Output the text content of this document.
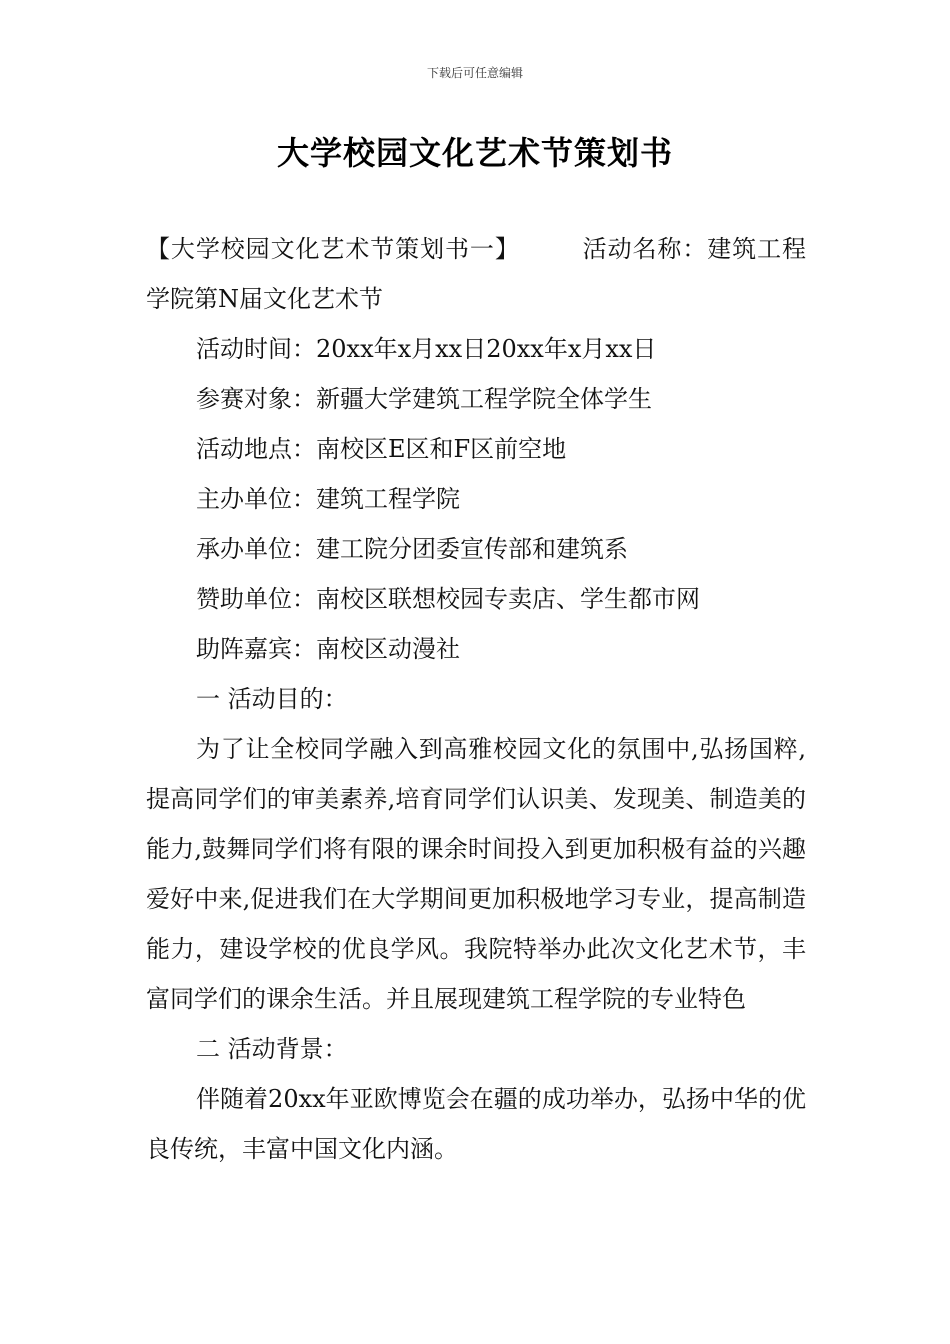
下载后可任意编辑
大学校园文化艺术节策划书

【大学校园文化艺术节策划书一】	活动名称：建筑工程学院第N届文化艺术节

活动时间：20xx年x月xx日20xx年x月xx日

参赛对象：新疆大学建筑工程学院全体学生

活动地点：南校区E区和F区前空地

主办单位：建筑工程学院

承办单位：建工院分团委宣传部和建筑系

赞助单位：南校区联想校园专卖店、学生都市网

助阵嘉宾：南校区动漫社

一 活动目的：

为了让全校同学融入到高雅校园文化的氛围中,弘扬国粹,提高同学们的审美素养,培育同学们认识美、发现美、制造美的能力,鼓舞同学们将有限的课余时间投入到更加积极有益的兴趣爱好中来,促进我们在大学期间更加积极地学习专业，提高制造能力，建设学校的优良学风。我院特举办此次文化艺术节，丰富同学们的课余生活。并且展现建筑工程学院的专业特色

二 活动背景：

伴随着20xx年亚欧博览会在疆的成功举办，弘扬中华的优良传统，丰富中国文化内涵。
